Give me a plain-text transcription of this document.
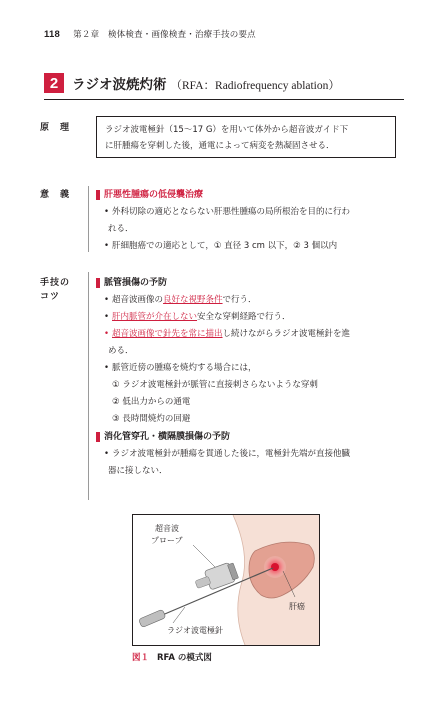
118 第２章　検体検査・画像検査・治療手技の要点
2	ラジオ波焼灼術 （RFA：Radiofrequency ablation）
原　理	ラジオ波電極針（15〜17 G）を用いて体外から超音波ガイド下
に肝腫瘍を穿刺した後，通電によって病変を熱凝固させる．
意　義	肝悪性腫瘍の低侵襲治療
• 外科切除の適応とならない肝悪性腫瘍の局所根治を目的に行わ
れる．
• 肝細胞癌での適応として，① 直径 3 cm 以下，② 3 個以内
手技の
コツ
脈管損傷の予防
• 超音波画像の良好な視野条件で行う．
• 肝内脈管が介在しない安全な穿刺経路で行う．
• 超音波画像で針先を常に描出し続けながらラジオ波電極針を進
める．
• 脈管近傍の腫瘍を焼灼する場合には，
① ラジオ波電極針が脈管に直接刺さらないような穿刺
② 低出力からの通電
③ 長時間焼灼の回避
消化管穿孔・横隔膜損傷の予防
• ラジオ波電極針が腫瘍を貫通した後に，電極針先端が直接他臓
器に接しない．
超音波
プローブ
肝癌
ラジオ波電極針
図１ RFA の模式図
